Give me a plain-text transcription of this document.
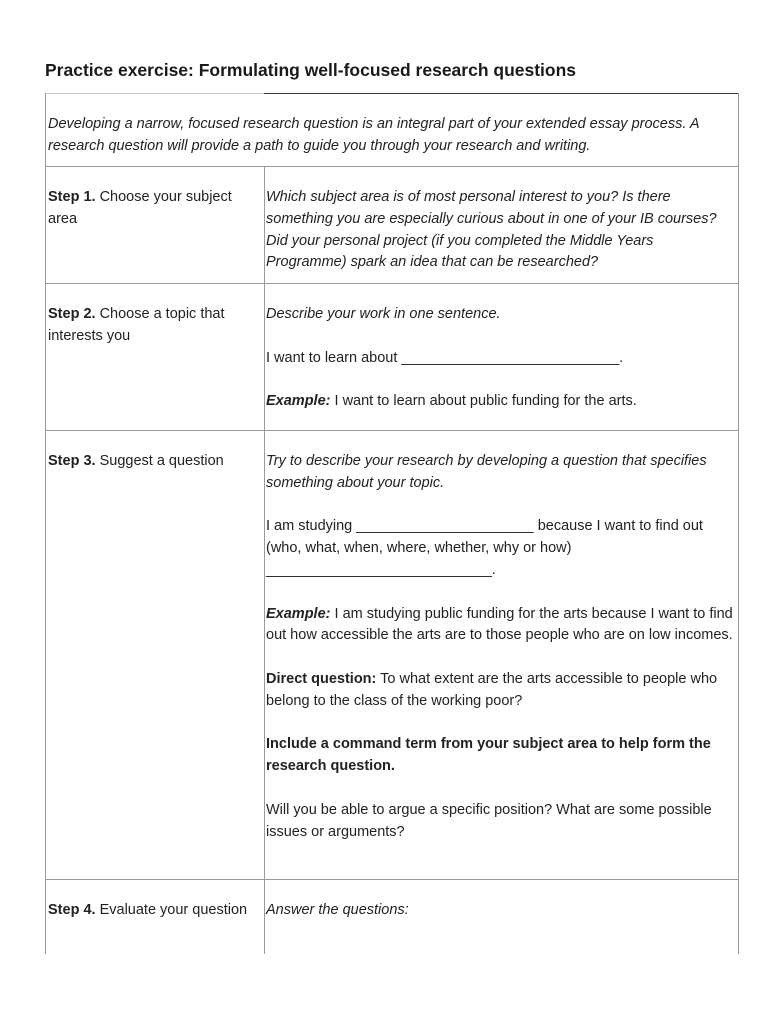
Practice exercise: Formulating well-focused research questions

Developing a narrow, focused research question is an integral part of your extended essay process. A research question will provide a path to guide you through your research and writing.

Step 1. Choose your subject area

Which subject area is of most personal interest to you? Is there something you are especially curious about in one of your IB courses? Did your personal project (if you completed the Middle Years Programme) spark an idea that can be researched?

Step 2. Choose a topic that interests you

Describe your work in one sentence.

I want to learn about ___________________________.

Example: I want to learn about public funding for the arts.

Step 3. Suggest a question	Try to describe your research by developing a question that specifies something about your topic.

I am studying ______________________ because I want to find out (who, what, when, where, whether, why or how) ____________________________.

Example: I am studying public funding for the arts because I want to find out how accessible the arts are to those people who are on low incomes.

Direct question: To what extent are the arts accessible to people who belong to the class of the working poor?

Include a command term from your subject area to help form the research question.

Will you be able to argue a specific position? What are some possible issues or arguments?

Step 4. Evaluate your question	Answer the questions:
